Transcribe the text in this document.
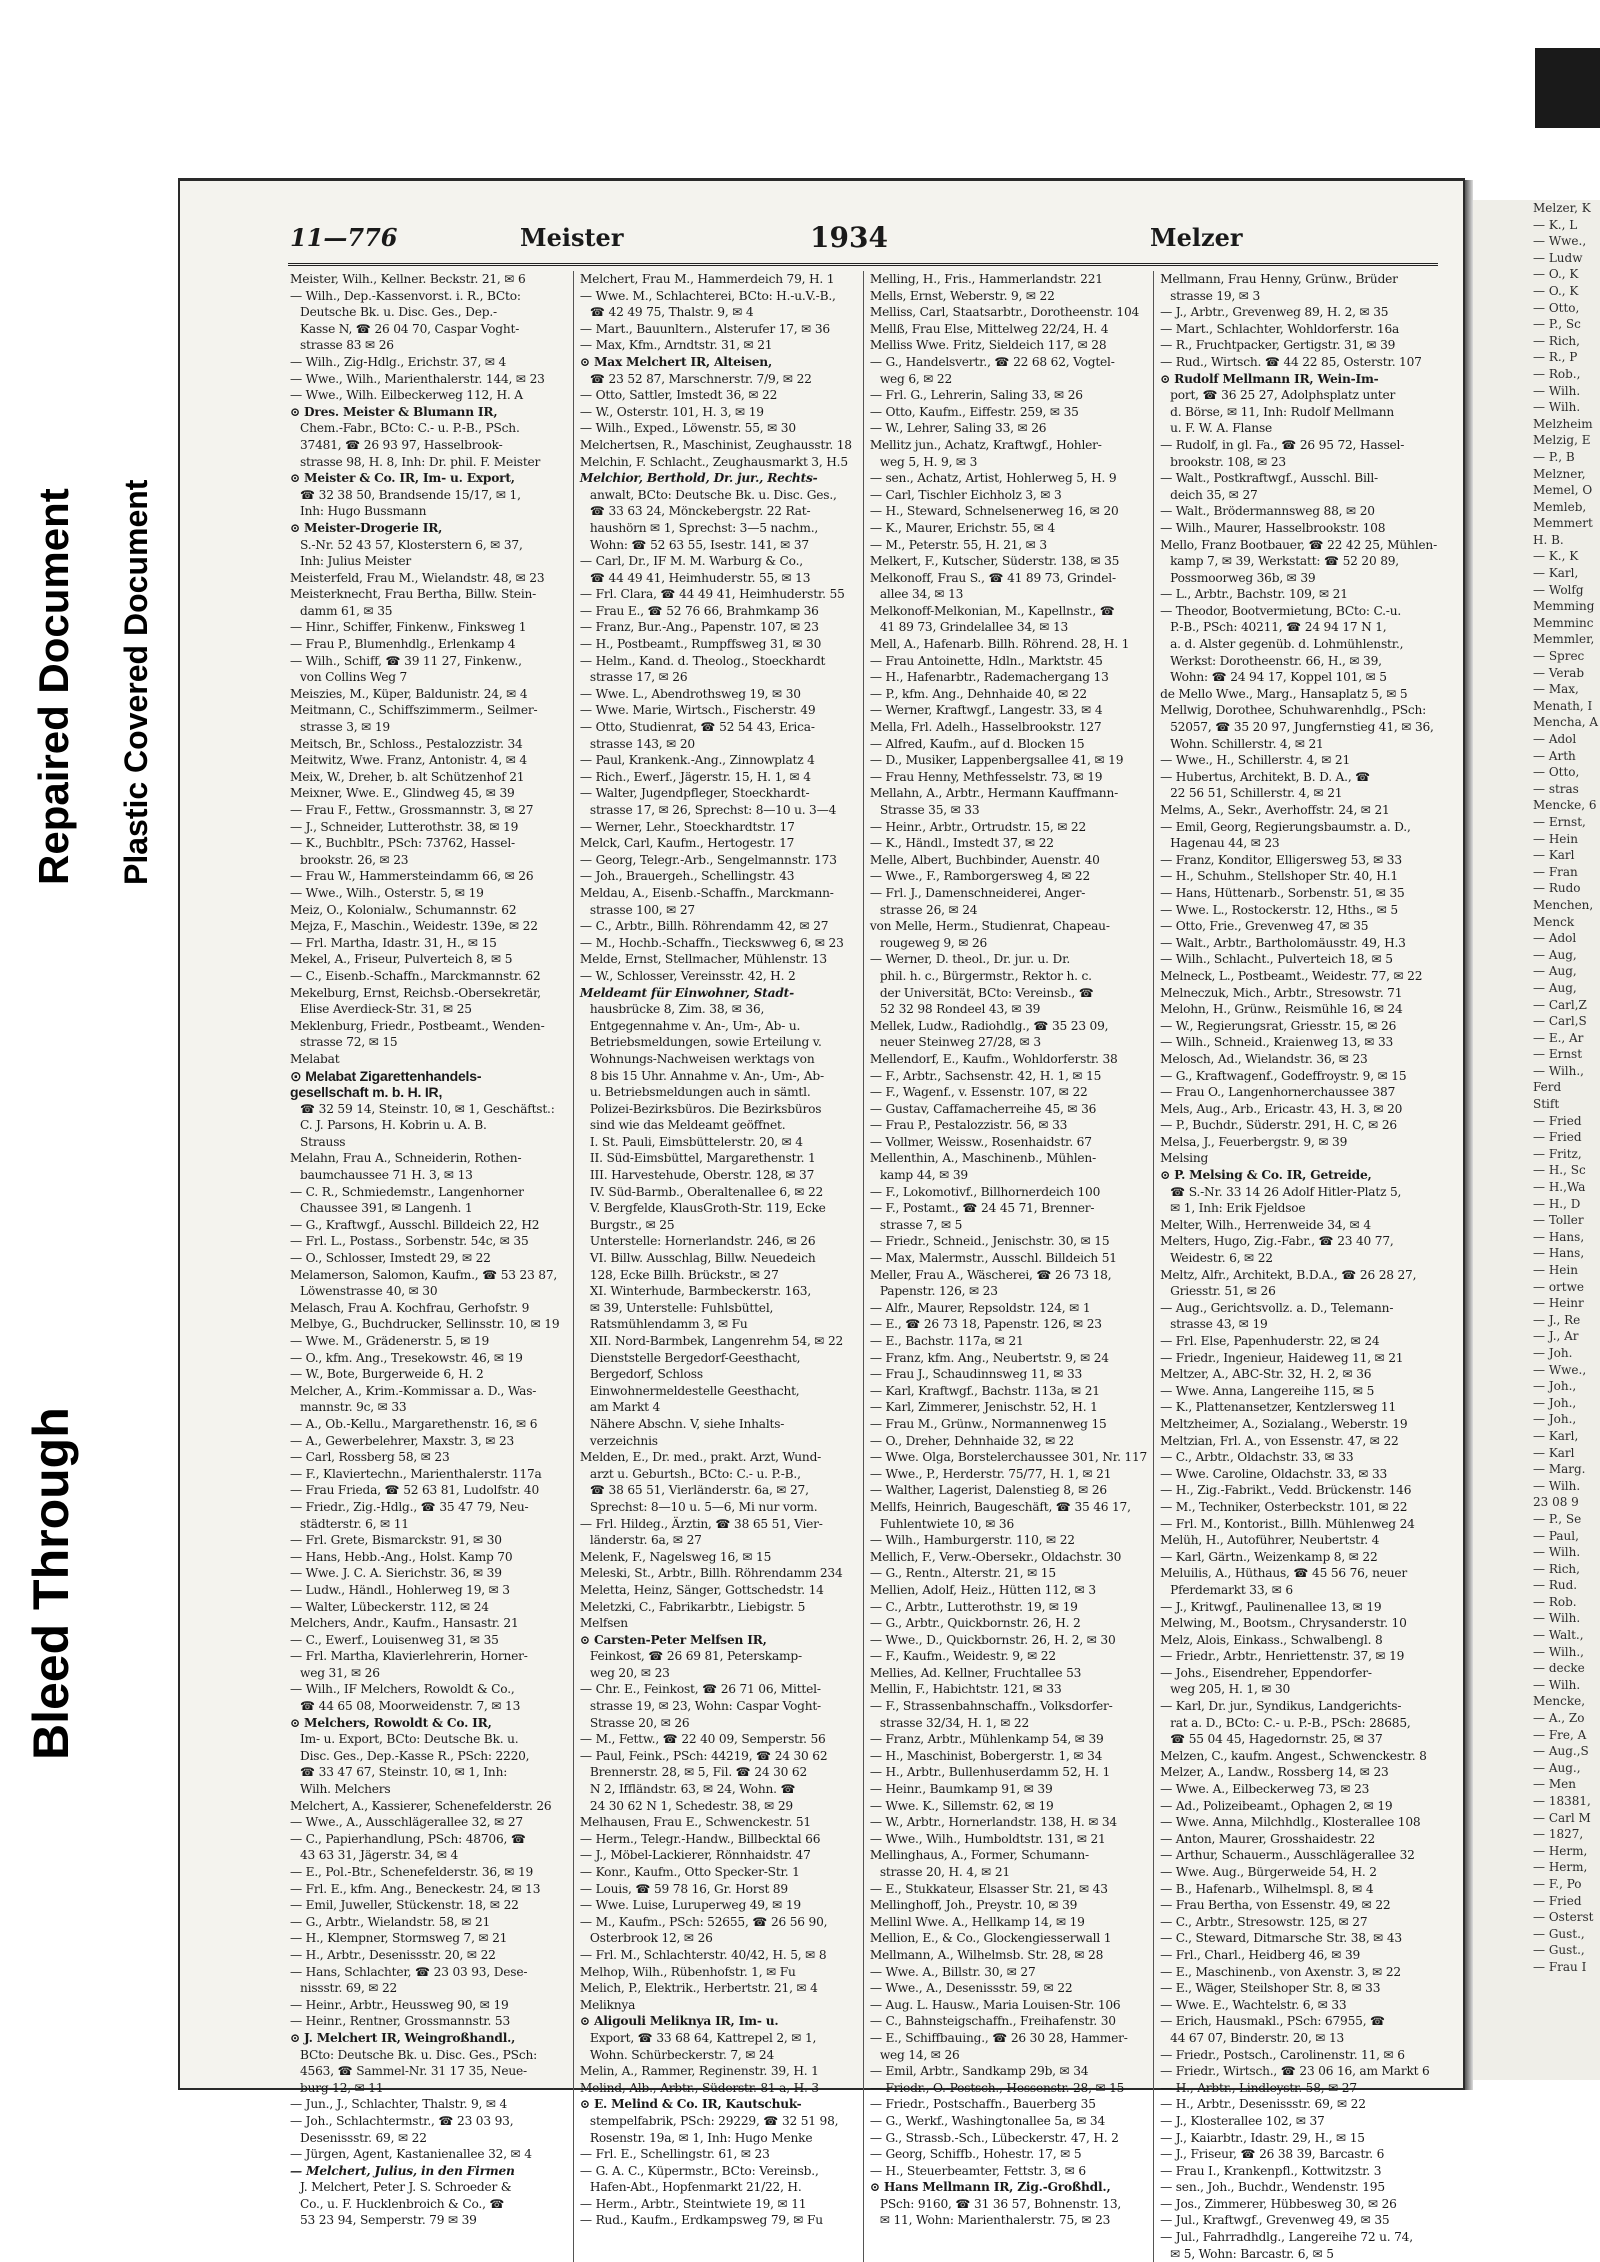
Bleed Through
Repaired Document Plastic Covered Document
11—776	Meister	1934	Melzer

Meister, Wilh., Kellner. Beckstr. 21, ✉ 6

— Wilh., Dep.-Kassenvorst. i. R., BCto:

Deutsche Bk. u. Disc. Ges., Dep.-

Kasse N, ☎ 26 04 70, Caspar Voght-

strasse 83 ✉ 26

— Wilh., Zig-Hdlg., Erichstr. 37, ✉ 4

— Wwe., Wilh., Marienthalerstr. 144, ✉ 23

— Wwe., Wilh. Eilbeckerweg 112, H. A

⊙ Dres. Meister & Blumann IR,

Chem.-Fabr., BCto: C.- u. P.-B., PSch.

37481, ☎ 26 93 97, Hasselbrook-

strasse 98, H. 8, Inh: Dr. phil. F. Meister

⊙ Meister & Co. IR, Im- u. Export,

☎ 32 38 50, Brandsende 15/17, ✉ 1,

Inh: Hugo Bussmann

⊙ Meister-Drogerie IR,

S.-Nr. 52 43 57, Klosterstern 6, ✉ 37,

Inh: Julius Meister

Meisterfeld, Frau M., Wielandstr. 48, ✉ 23

Meisterknecht, Frau Bertha, Billw. Stein-

damm 61, ✉ 35

— Hinr., Schiffer, Finkenw., Finksweg 1

— Frau P., Blumenhdlg., Erlenkamp 4

— Wilh., Schiff, ☎ 39 11 27, Finkenw.,

von Collins Weg 7

Meiszies, M., Küper, Baldunistr. 24, ✉ 4

Meitmann, C., Schiffszimmerm., Seilmer-

strasse 3, ✉ 19

Meitsch, Br., Schloss., Pestalozzistr. 34

Meitwitz, Wwe. Franz, Antonistr. 4, ✉ 4

Meix, W., Dreher, b. alt Schützenhof 21

Meixner, Wwe. E., Glindweg 45, ✉ 39

— Frau F., Fettw., Grossmannstr. 3, ✉ 27

— J., Schneider, Lutterothstr. 38, ✉ 19

— K., Buchbltr., PSch: 73762, Hassel-

brookstr. 26, ✉ 23

— Frau W., Hammersteindamm 66, ✉ 26

— Wwe., Wilh., Osterstr. 5, ✉ 19

Meiz, O., Kolonialw., Schumannstr. 62

Mejza, F., Maschin., Weidestr. 139e, ✉ 22

— Frl. Martha, Idastr. 31, H., ✉ 15

Mekel, A., Friseur, Pulverteich 8, ✉ 5

— C., Eisenb.-Schaffn., Marckmannstr. 62

Mekelburg, Ernst, Reichsb.-Obersekretär,

Elise Averdieck-Str. 31, ✉ 25

Meklenburg, Friedr., Postbeamt., Wenden-

strasse 72, ✉ 15

Melabat

⊙ Melabat Zigarettenhandels-

gesellschaft m. b. H. IR,

☎ 32 59 14, Steinstr. 10, ✉ 1, Geschäftst.:

C. J. Parsons, H. Kobrin u. A. B.

Strauss

Melahn, Frau A., Schneiderin, Rothen-

baumchaussee 71 H. 3, ✉ 13

— C. R., Schmiedemstr., Langenhorner

Chaussee 391, ✉ Langenh. 1

— G., Kraftwgf., Ausschl. Billdeich 22, H2

— Frl. L., Postass., Sorbenstr. 54c, ✉ 35

— O., Schlosser, Imstedt 29, ✉ 22

Melamerson, Salomon, Kaufm., ☎ 53 23 87,

Löwenstrasse 40, ✉ 30

Melasch, Frau A. Kochfrau, Gerhofstr. 9

Melbye, G., Buchdrucker, Sellinsstr. 10, ✉ 19

— Wwe. M., Grädenerstr. 5, ✉ 19

— O., kfm. Ang., Tresekowstr. 46, ✉ 19

— W., Bote, Burgerweide 6, H. 2

Melcher, A., Krim.-Kommissar a. D., Was-

mannstr. 9c, ✉ 33

— A., Ob.-Kellu., Margarethenstr. 16, ✉ 6

— A., Gewerbelehrer, Maxstr. 3, ✉ 23

— Carl, Rossberg 58, ✉ 23

— F., Klaviertechn., Marienthalerstr. 117a

— Frau Frieda, ☎ 52 63 81, Ludolfstr. 40

— Friedr., Zig.-Hdlg., ☎ 35 47 79, Neu-

städterstr. 6, ✉ 11

— Frl. Grete, Bismarckstr. 91, ✉ 30

— Hans, Hebb.-Ang., Holst. Kamp 70

— Wwe. J. C. A. Sierichstr. 36, ✉ 39

— Ludw., Händl., Hohlerweg 19, ✉ 3

— Walter, Lübeckerstr. 112, ✉ 24

Melchers, Andr., Kaufm., Hansastr. 21

— C., Ewerf., Louisenweg 31, ✉ 35

— Frl. Martha, Klavierlehrerin, Horner-

weg 31, ✉ 26

— Wilh., IF Melchers, Rowoldt & Co.,

☎ 44 65 08, Moorweidenstr. 7, ✉ 13

⊙ Melchers, Rowoldt & Co. IR,

Im- u. Export, BCto: Deutsche Bk. u.

Disc. Ges., Dep.-Kasse R., PSch: 2220,

☎ 33 47 67, Steinstr. 10, ✉ 1, Inh:

Wilh. Melchers

Melchert, A., Kassierer, Schenefelderstr. 26

— Wwe., A., Ausschlägerallee 32, ✉ 27

— C., Papierhandlung, PSch: 48706, ☎

43 63 31, Jägerstr. 34, ✉ 4

— E., Pol.-Btr., Schenefelderstr. 36, ✉ 19

— Frl. E., kfm. Ang., Beneckestr. 24, ✉ 13

— Emil, Juweller, Stückenstr. 18, ✉ 22

— G., Arbtr., Wielandstr. 58, ✉ 21

— H., Klempner, Stormsweg 7, ✉ 21

— H., Arbtr., Desenissstr. 20, ✉ 22

— Hans, Schlachter, ☎ 23 03 93, Dese-

nissstr. 69, ✉ 22

— Heinr., Arbtr., Heussweg 90, ✉ 19

— Heinr., Rentner, Grossmannstr. 53

⊙ J. Melchert IR, Weingroßhandl.,

BCto: Deutsche Bk. u. Disc. Ges., PSch:

4563, ☎ Sammel-Nr. 31 17 35, Neue-

burg 12, ✉ 11

— Jun., J., Schlachter, Thalstr. 9, ✉ 4

— Joh., Schlachtermstr., ☎ 23 03 93,

Desenissstr. 69, ✉ 22

— Jürgen, Agent, Kastanienallee 32, ✉ 4

— Melchert, Julius, in den Firmen

J. Melchert, Peter J. S. Schroeder &

Co., u. F. Hucklenbroich & Co., ☎

53 23 94, Semperstr. 79 ✉ 39

Melchert, Frau M., Hammerdeich 79, H. 1

— Wwe. M., Schlachterei, BCto: H.-u.V.-B.,

☎ 42 49 75, Thalstr. 9, ✉ 4

— Mart., Bauunltern., Alsterufer 17, ✉ 36

— Max, Kfm., Arndtstr. 31, ✉ 21

⊙ Max Melchert IR, Alteisen,

☎ 23 52 87, Marschnerstr. 7/9, ✉ 22

— Otto, Sattler, Imstedt 36, ✉ 22

— W., Osterstr. 101, H. 3, ✉ 19

— Wilh., Exped., Löwenstr. 55, ✉ 30

Melchertsen, R., Maschinist, Zeughausstr. 18

Melchin, F. Schlacht., Zeughausmarkt 3, H.5

Melchior, Berthold, Dr. jur., Rechts-

anwalt, BCto: Deutsche Bk. u. Disc. Ges.,

☎ 33 63 24, Mönckebergstr. 22 Rat-

haushörn ✉ 1, Sprechst: 3—5 nachm.,

Wohn: ☎ 52 63 55, Isestr. 141, ✉ 37

— Carl, Dr., IF M. M. Warburg & Co.,

☎ 44 49 41, Heimhuderstr. 55, ✉ 13

— Frl. Clara, ☎ 44 49 41, Heimhuderstr. 55

— Frau E., ☎ 52 76 66, Brahmkamp 36

— Franz, Bur.-Ang., Papenstr. 107, ✉ 23

— H., Postbeamt., Rumpffsweg 31, ✉ 30

— Helm., Kand. d. Theolog., Stoeckhardt

strasse 17, ✉ 26

— Wwe. L., Abendrothsweg 19, ✉ 30

— Wwe. Marie, Wirtsch., Fischerstr. 49

— Otto, Studienrat, ☎ 52 54 43, Erica-

strasse 143, ✉ 20

— Paul, Krankenk.-Ang., Zinnowplatz 4

— Rich., Ewerf., Jägerstr. 15, H. 1, ✉ 4

— Walter, Jugendpfleger, Stoeckhardt-

strasse 17, ✉ 26, Sprechst: 8—10 u. 3—4

— Werner, Lehr., Stoeckhardtstr. 17

Melck, Carl, Kaufm., Hertogestr. 17

— Georg, Telegr.-Arb., Sengelmannstr. 173

— Joh., Brauergeh., Schellingstr. 43

Meldau, A., Eisenb.-Schaffn., Marckmann-

strasse 100, ✉ 27

— C., Arbtr., Billh. Röhrendamm 42, ✉ 27

— M., Hochb.-Schaffn., Tieckswweg 6, ✉ 23

Melde, Ernst, Stellmacher, Mühlenstr. 13

— W., Schlosser, Vereinsstr. 42, H. 2

Meldeamt für Einwohner, Stadt-

hausbrücke 8, Zim. 38, ✉ 36,

Entgegennahme v. An-, Um-, Ab- u.

Betriebsmeldungen, sowie Erteilung v.

Wohnungs-Nachweisen werktags von

8 bis 15 Uhr. Annahme v. An-, Um-, Ab-

u. Betriebsmeldungen auch in sämtl.

Polizei-Bezirksbüros. Die Bezirksbüros

sind wie das Meldeamt geöffnet.

I. St. Pauli, Eimsbüttelerstr. 20, ✉ 4

II. Süd-Eimsbüttel, Margarethenstr. 1

III. Harvestehude, Oberstr. 128, ✉ 37

IV. Süd-Barmb., Oberaltenallee 6, ✉ 22

V. Bergfelde, KlausGroth-Str. 119, Ecke

Burgstr., ✉ 25

Unterstelle: Hornerlandstr. 246, ✉ 26

VI. Billw. Ausschlag, Billw. Neuedeich

128, Ecke Billh. Brückstr., ✉ 27

XI. Winterhude, Barmbeckerstr. 163,

✉ 39, Unterstelle: Fuhlsbüttel,

Ratsmühlendamm 3, ✉ Fu

XII. Nord-Barmbek, Langenrehm 54, ✉ 22

Dienststelle Bergedorf-Geesthacht,

Bergedorf, Schloss

Einwohnermeldestelle Geesthacht,

am Markt 4

Nähere Abschn. V, siehe Inhalts-

verzeichnis

Melden, E., Dr. med., prakt. Arzt, Wund-

arzt u. Geburtsh., BCto: C.- u. P.-B.,

☎ 38 65 51, Vierländerstr. 6a, ✉ 27,

Sprechst: 8—10 u. 5—6, Mi nur vorm.

— Frl. Hildeg., Ärztin, ☎ 38 65 51, Vier-

länderstr. 6a, ✉ 27

Melenk, F., Nagelsweg 16, ✉ 15

Meleski, St., Arbtr., Billh. Röhrendamm 234

Meletta, Heinz, Sänger, Gottschedstr. 14

Meletzki, C., Fabrikarbtr., Liebigstr. 5

Melfsen

⊙ Carsten-Peter Melfsen IR,

Feinkost, ☎ 26 69 81, Peterskamp-

weg 20, ✉ 23

— Chr. E., Feinkost, ☎ 26 71 06, Mittel-

strasse 19, ✉ 23, Wohn: Caspar Voght-

Strasse 20, ✉ 26

— M., Fettw., ☎ 22 40 09, Semperstr. 56

— Paul, Feink., PSch: 44219, ☎ 24 30 62

Brennerstr. 28, ✉ 5, Fil. ☎ 24 30 62

N 2, Iffländstr. 63, ✉ 24, Wohn. ☎

24 30 62 N 1, Schedestr. 38, ✉ 29

Melhausen, Frau E., Schwenckestr. 51

— Herm., Telegr.-Handw., Billbecktal 66

— J., Möbel-Lackierer, Rönnhaidstr. 47

— Konr., Kaufm., Otto Specker-Str. 1

— Louis, ☎ 59 78 16, Gr. Horst 89

— Wwe. Luise, Luruperweg 49, ✉ 19

— M., Kaufm., PSch: 52655, ☎ 26 56 90,

Osterbrook 12, ✉ 26

— Frl. M., Schlachterstr. 40/42, H. 5, ✉ 8

Melhop, Wilh., Rübenhofstr. 1, ✉ Fu

Melich, P., Elektrik., Herbertstr. 21, ✉ 4

Meliknya

⊙ Aligouli Meliknya IR, Im- u.

Export, ☎ 33 68 64, Kattrepel 2, ✉ 1,

Wohn. Schürbeckerstr. 7, ✉ 24

Melin, A., Rammer, Reginenstr. 39, H. 1

Melind, Alb., Arbtr., Süderstr. 81 a, H. 3

⊙ E. Melind & Co. IR, Kautschuk-

stempelfabrik, PSch: 29229, ☎ 32 51 98,

Rosenstr. 19a, ✉ 1, Inh: Hugo Menke

— Frl. E., Schellingstr. 61, ✉ 23

— G. A. C., Küpermstr., BCto: Vereinsb.,

Hafen-Abt., Hopfenmarkt 21/22, H.

— Herm., Arbtr., Steintwiete 19, ✉ 11

— Rud., Kaufm., Erdkampsweg 79, ✉ Fu

Melling, H., Fris., Hammerlandstr. 221

Mells, Ernst, Weberstr. 9, ✉ 22

Melliss, Carl, Staatsarbtr., Dorotheenstr. 104

Mellß, Frau Else, Mittelweg 22/24, H. 4

Melliss Wwe. Fritz, Sieldeich 117, ✉ 28

— G., Handelsvertr., ☎ 22 68 62, Vogtel-

weg 6, ✉ 22

— Frl. G., Lehrerin, Saling 33, ✉ 26

— Otto, Kaufm., Eiffestr. 259, ✉ 35

— W., Lehrer, Saling 33, ✉ 26

Mellitz jun., Achatz, Kraftwgf., Hohler-

weg 5, H. 9, ✉ 3

— sen., Achatz, Artist, Hohlerweg 5, H. 9

— Carl, Tischler Eichholz 3, ✉ 3

— H., Steward, Schnelsenerweg 16, ✉ 20

— K., Maurer, Erichstr. 55, ✉ 4

— M., Peterstr. 55, H. 21, ✉ 3

Melkert, F., Kutscher, Süderstr. 138, ✉ 35

Melkonoff, Frau S., ☎ 41 89 73, Grindel-

allee 34, ✉ 13

Melkonoff-Melkonian, M., Kapellnstr., ☎

41 89 73, Grindelallee 34, ✉ 13

Mell, A., Hafenarb. Billh. Röhrend. 28, H. 1

— Frau Antoinette, Hdln., Marktstr. 45

— H., Hafenarbtr., Rademachergang 13

— P., kfm. Ang., Dehnhaide 40, ✉ 22

— Werner, Kraftwgf., Langestr. 33, ✉ 4

Mella, Frl. Adelh., Hasselbrookstr. 127

— Alfred, Kaufm., auf d. Blocken 15

— D., Musiker, Lappenbergsallee 41, ✉ 19

— Frau Henny, Methfesselstr. 73, ✉ 19

Mellahn, A., Arbtr., Hermann Kauffmann-

Strasse 35, ✉ 33

— Heinr., Arbtr., Ortrudstr. 15, ✉ 22

— K., Händl., Imstedt 37, ✉ 22

Melle, Albert, Buchbinder, Auenstr. 40

— Wwe., F., Ramborgersweg 4, ✉ 22

— Frl. J., Damenschneiderei, Anger-

strasse 26, ✉ 24

von Melle, Herm., Studienrat, Chapeau-

rougeweg 9, ✉ 26

— Werner, D. theol., Dr. jur. u. Dr.

phil. h. c., Bürgermstr., Rektor h. c.

der Universität, BCto: Vereinsb., ☎

52 32 98 Rondeel 43, ✉ 39

Mellek, Ludw., Radiohdlg., ☎ 35 23 09,

neuer Steinweg 27/28, ✉ 3

Mellendorf, E., Kaufm., Wohldorferstr. 38

— F., Arbtr., Sachsenstr. 42, H. 1, ✉ 15

— F., Wagenf., v. Essenstr. 107, ✉ 22

— Gustav, Caffamacherreihe 45, ✉ 36

— Frau P., Pestalozzistr. 56, ✉ 33

— Vollmer, Weissw., Rosenhaidstr. 67

Mellenthin, A., Maschinenb., Mühlen-

kamp 44, ✉ 39

— F., Lokomotivf., Billhornerdeich 100

— F., Postamt., ☎ 24 45 71, Brenner-

strasse 7, ✉ 5

— Friedr., Schneid., Jenischstr. 30, ✉ 15

— Max, Malermstr., Ausschl. Billdeich 51

Meller, Frau A., Wäscherei, ☎ 26 73 18,

Papenstr. 126, ✉ 23

— Alfr., Maurer, Repsoldstr. 124, ✉ 1

— E., ☎ 26 73 18, Papenstr. 126, ✉ 23

— E., Bachstr. 117a, ✉ 21

— Franz, kfm. Ang., Neubertstr. 9, ✉ 24

— Frau J., Schaudinnsweg 11, ✉ 33

— Karl, Kraftwgf., Bachstr. 113a, ✉ 21

— Karl, Zimmerer, Jenischstr. 52, H. 1

— Frau M., Grünw., Normannenweg 15

— O., Dreher, Dehnhaide 32, ✉ 22

— Wwe. Olga, Borstelerchaussee 301, Nr. 117

— Wwe., P., Herderstr. 75/77, H. 1, ✉ 21

— Walther, Lagerist, Dalenstieg 8, ✉ 26

Mellfs, Heinrich, Baugeschäft, ☎ 35 46 17,

Fuhlentwiete 10, ✉ 36

— Wilh., Hamburgerstr. 110, ✉ 22

Mellich, F., Verw.-Obersekr., Oldachstr. 30

— G., Rentn., Alterstr. 21, ✉ 15

Mellien, Adolf, Heiz., Hütten 112, ✉ 3

— C., Arbtr., Lutterothstr. 19, ✉ 19

— G., Arbtr., Quickbornstr. 26, H. 2

— Wwe., D., Quickbornstr. 26, H. 2, ✉ 30

— F., Kaufm., Weidestr. 9, ✉ 22

Mellies, Ad. Kellner, Fruchtallee 53

Mellin, F., Habichtstr. 121, ✉ 33

— F., Strassenbahnschaffn., Volksdorfer-

strasse 32/34, H. 1, ✉ 22

— Franz, Arbtr., Mühlenkamp 54, ✉ 39

— H., Maschinist, Bobergerstr. 1, ✉ 34

— H., Arbtr., Bullenhuserdamm 52, H. 1

— Heinr., Baumkamp 91, ✉ 39

— Wwe. K., Sillemstr. 62, ✉ 19

— W., Arbtr., Hornerlandstr. 138, H. ✉ 34

— Wwe., Wilh., Humboldtstr. 131, ✉ 21

Mellinghaus, A., Former, Schumann-

strasse 20, H. 4, ✉ 21

— E., Stukkateur, Elsasser Str. 21, ✉ 43

Mellinghoff, Joh., Preystr. 10, ✉ 39

Mellinl Wwe. A., Hellkamp 14, ✉ 19

Mellion, E., & Co., Glockengiesserwall 1

Mellmann, A., Wilhelmsb. Str. 28, ✉ 28

— Wwe. A., Billstr. 30, ✉ 27

— Wwe., A., Desenissstr. 59, ✉ 22

— Aug. L. Hausw., Maria Louisen-Str. 106

— C., Bahnsteigschaffn., Freihafenstr. 30

— E., Schiffbauing., ☎ 26 30 28, Hammer-

weg 14, ✉ 26

— Emil, Arbtr., Sandkamp 29b, ✉ 34

— Friedr., O.-Postsch., Hessenstr. 28, ✉ 15

— Friedr., Postschaffn., Bauerberg 35

— G., Werkf., Washingtonallee 5a, ✉ 34

— G., Strassb.-Sch., Lübeckerstr. 47, H. 2

— Georg, Schiffb., Hohestr. 17, ✉ 5

— H., Steuerbeamter, Fettstr. 3, ✉ 6

⊙ Hans Mellmann IR, Zig.-Großhdl.,

PSch: 9160, ☎ 31 36 57, Bohnenstr. 13,

✉ 11, Wohn: Marienthalerstr. 75, ✉ 23

Mellmann, Frau Henny, Grünw., Brüder

strasse 19, ✉ 3

— J., Arbtr., Grevenweg 89, H. 2, ✉ 35

— Mart., Schlachter, Wohldorferstr. 16a

— R., Fruchtpacker, Gertigstr. 31, ✉ 39

— Rud., Wirtsch. ☎ 44 22 85, Osterstr. 107

⊙ Rudolf Mellmann IR, Wein-Im-

port, ☎ 36 25 27, Adolphsplatz unter

d. Börse, ✉ 11, Inh: Rudolf Mellmann

u. F. W. A. Flanse

— Rudolf, in gl. Fa., ☎ 26 95 72, Hassel-

brookstr. 108, ✉ 23

— Walt., Postkraftwgf., Ausschl. Bill-

deich 35, ✉ 27

— Walt., Brödermannsweg 88, ✉ 20

— Wilh., Maurer, Hasselbrookstr. 108

Mello, Franz Bootbauer, ☎ 22 42 25, Mühlen-

kamp 7, ✉ 39, Werkstatt: ☎ 52 20 89,

Possmoorweg 36b, ✉ 39

— L., Arbtr., Bachstr. 109, ✉ 21

— Theodor, Bootvermietung, BCto: C.-u.

P.-B., PSch: 40211, ☎ 24 94 17 N 1,

a. d. Alster gegenüb. d. Lohmühlenstr.,

Werkst: Dorotheenstr. 66, H., ✉ 39,

Wohn: ☎ 24 94 17, Koppel 101, ✉ 5

de Mello Wwe., Marg., Hansaplatz 5, ✉ 5

Mellwig, Dorothee, Schuhwarenhdlg., PSch:

52057, ☎ 35 20 97, Jungfernstieg 41, ✉ 36,

Wohn. Schillerstr. 4, ✉ 21

— Wwe., H., Schillerstr. 4, ✉ 21

— Hubertus, Architekt, B. D. A., ☎

22 56 51, Schillerstr. 4, ✉ 21

Melms, A., Sekr., Averhoffstr. 24, ✉ 21

— Emil, Georg, Regierungsbaumstr. a. D.,

Hagenau 44, ✉ 23

— Franz, Konditor, Elligersweg 53, ✉ 33

— H., Schuhm., Stellshoper Str. 40, H.1

— Hans, Hüttenarb., Sorbenstr. 51, ✉ 35

— Wwe. L., Rostockerstr. 12, Hths., ✉ 5

— Otto, Frie., Grevenweg 47, ✉ 35

— Walt., Arbtr., Bartholomäusstr. 49, H.3

— Wilh., Schlacht., Pulverteich 18, ✉ 5

Melneck, L., Postbeamt., Weidestr. 77, ✉ 22

Melneczuk, Mich., Arbtr., Stresowstr. 71

Melohn, H., Grünw., Reismühle 16, ✉ 24

— W., Regierungsrat, Griesstr. 15, ✉ 26

— Wilh., Schneid., Kraienweg 13, ✉ 33

Melosch, Ad., Wielandstr. 36, ✉ 23

— G., Kraftwagenf., Godeffroystr. 9, ✉ 15

— Frau O., Langenhornerchaussee 387

Mels, Aug., Arb., Ericastr. 43, H. 3, ✉ 20

— P., Buchdr., Süderstr. 291, H. C, ✉ 26

Melsa, J., Feuerbergstr. 9, ✉ 39

Melsing

⊙ P. Melsing & Co. IR, Getreide,

☎ S.-Nr. 33 14 26 Adolf Hitler-Platz 5,

✉ 1, Inh: Erik Fjeldsoe

Melter, Wilh., Herrenweide 34, ✉ 4

Melters, Hugo, Zig.-Fabr., ☎ 23 40 77,

Weidestr. 6, ✉ 22

Meltz, Alfr., Architekt, B.D.A., ☎ 26 28 27,

Griesstr. 51, ✉ 26

— Aug., Gerichtsvollz. a. D., Telemann-

strasse 43, ✉ 19

— Frl. Else, Papenhuderstr. 22, ✉ 24

— Friedr., Ingenieur, Haideweg 11, ✉ 21

Meltzer, A., ABC-Str. 32, H. 2, ✉ 36

— Wwe. Anna, Langereihe 115, ✉ 5

— K., Plattenansetzer, Kentzlersweg 11

Meltzheimer, A., Sozialang., Weberstr. 19

Meltzian, Frl. A., von Essenstr. 47, ✉ 22

— C., Arbtr., Oldachstr. 33, ✉ 33

— Wwe. Caroline, Oldachstr. 33, ✉ 33

— H., Zig.-Fabrikt., Vedd. Brückenstr. 146

— M., Techniker, Osterbeckstr. 101, ✉ 22

— Frl. M., Kontorist., Billh. Mühlenweg 24

Melüh, H., Autoführer, Neubertstr. 4

— Karl, Gärtn., Weizenkamp 8, ✉ 22

Meluilis, A., Hüthaus, ☎ 45 56 76, neuer

Pferdemarkt 33, ✉ 6

— J., Kritwgf., Paulinenallee 13, ✉ 19

Melwing, M., Bootsm., Chrysanderstr. 10

Melz, Alois, Einkass., Schwalbengl. 8

— Friedr., Arbtr., Henriettenstr. 37, ✉ 19

— Johs., Eisendreher, Eppendorfer-

weg 205, H. 1, ✉ 30

— Karl, Dr. jur., Syndikus, Landgerichts-

rat a. D., BCto: C.- u. P.-B., PSch: 28685,

☎ 55 04 45, Hagedornstr. 25, ✉ 37

Melzen, C., kaufm. Angest., Schwenckestr. 8

Melzer, A., Landw., Rossberg 14, ✉ 23

— Wwe. A., Eilbeckerweg 73, ✉ 23

— Ad., Polizeibeamt., Ophagen 2, ✉ 19

— Wwe. Anna, Milchhdlg., Klosterallee 108

— Anton, Maurer, Grosshaidestr. 22

— Arthur, Schauerm., Ausschlägerallee 32

— Wwe. Aug., Bürgerweide 54, H. 2

— B., Hafenarb., Wilhelmspl. 8, ✉ 4

— Frau Bertha, von Essenstr. 49, ✉ 22

— C., Arbtr., Stresowstr. 125, ✉ 27

— C., Steward, Ditmarsche Str. 38, ✉ 43

— Frl., Charl., Heidberg 46, ✉ 39

— E., Maschinenb., von Axenstr. 3, ✉ 22

— E., Wäger, Steilshoper Str. 8, ✉ 33

— Wwe. E., Wachtelstr. 6, ✉ 33

— Erich, Hausmakl., PSch: 67955, ☎

44 67 07, Binderstr. 20, ✉ 13

— Friedr., Postsch., Carolinenstr. 11, ✉ 6

— Friedr., Wirtsch., ☎ 23 06 16, am Markt 6

— H., Arbtr., Lindleystr. 58, ✉ 27

— H., Arbtr., Desenissstr. 69, ✉ 22

— J., Klosterallee 102, ✉ 37

— J., Kaiarbtr., Idastr. 29, H., ✉ 15

— J., Friseur, ☎ 26 38 39, Barcastr. 6

— Frau I., Krankenpfl., Kottwitzstr. 3

— sen., Joh., Buchdr., Wendenstr. 195

— Jos., Zimmerer, Hübbesweg 30, ✉ 26

— Jul., Kraftwgf., Grevenweg 49, ✉ 35

— Jul., Fahrradhdlg., Langereihe 72 u. 74,

✉ 5, Wohn: Barcastr. 6, ✉ 5

Melzer, K
— K., L
— Wwe.,
— Ludw
— O., K
— O., K
— Otto,
— P., Sc
— Rich,
— R., P
— Rob.,
— Wilh.
— Wilh.
Melzheim
Melzig, E
— P., B
Melzner,
Memel, O
Memleb,
Memmert
H. B.
— K., K
— Karl,
— Wolfg
Memming
Memminc
Memmler,
— Sprec
— Verab
— Max,
Menath, I
Mencha, A
— Adol
— Arth
— Otto,
— stras
Mencke, 6
— Ernst,
— Hein
— Karl
— Fran
— Rudo
Menchen,
Menck
— Adol
— Aug,
— Aug,
— Aug,
— Carl,Z
— Carl,S
— E., Ar
— Ernst
— Wilh.,
Ferd
Stift
— Fried
— Fried
— Fritz,
— H., Sc
— H.,Wa
— H., D
— Toller
— Hans,
— Hans,
— Hein
— ortwe
— Heinr
— J., Re
— J., Ar
— Joh.
— Wwe.,
— Joh.,
— Joh.,
— Joh.,
— Karl,
— Karl
— Marg.
— Wilh.
23 08 9
— P., Se
— Paul,
— Wilh.
— Rich,
— Rud.
— Rob.
— Wilh.
— Walt.,
— Wilh.,
— decke
— Wilh.
Mencke,
— A., Zo
— Fre, A
— Aug.,S
— Aug.,
— Men
— 18381,
— Carl M
— 1827,
— Herm,
— Herm,
— F., Po
— Fried
— Osterst
— Gust.,
— Gust.,
— Frau I
